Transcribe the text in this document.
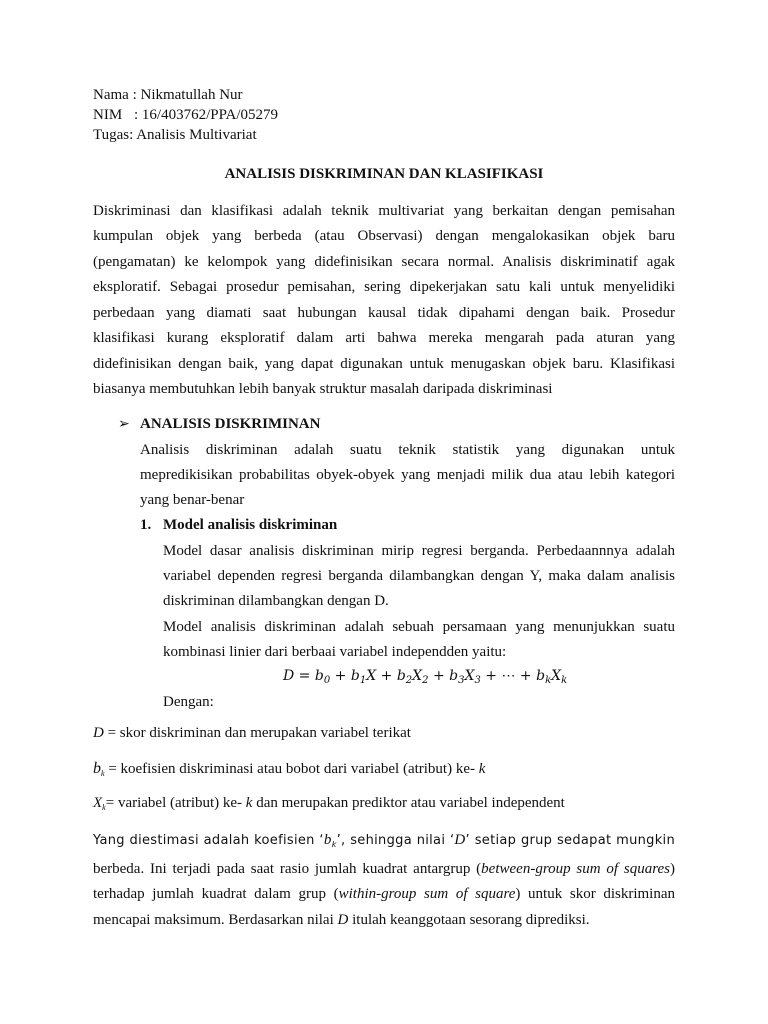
Nama : Nikmatullah Nur
NIM : 16/403762/PPA/05279
Tugas: Analisis Multivariat
ANALISIS DISKRIMINAN DAN KLASIFIKASI
Diskriminasi dan klasifikasi adalah teknik multivariat yang berkaitan dengan pemisahan
kumpulan objek yang berbeda (atau Observasi) dengan mengalokasikan objek baru
(pengamatan) ke kelompok yang didefinisikan secara normal. Analisis diskriminatif agak
eksploratif. Sebagai prosedur pemisahan, sering dipekerjakan satu kali untuk menyelidiki
perbedaan yang diamati saat hubungan kausal tidak dipahami dengan baik. Prosedur
klasifikasi kurang eksploratif dalam arti bahwa mereka mengarah pada aturan yang
didefinisikan dengan baik, yang dapat digunakan untuk menugaskan objek baru. Klasifikasi
biasanya membutuhkan lebih banyak struktur masalah daripada diskriminasi
➢ ANALISIS DISKRIMINAN
Analisis diskriminan adalah suatu teknik statistik yang digunakan untuk
mepredikisikan probabilitas obyek-obyek yang menjadi milik dua atau lebih kategori
yang benar-benar
1. Model analisis diskriminan
Model dasar analisis diskriminan mirip regresi berganda. Perbedaannnya adalah
variabel dependen regresi berganda dilambangkan dengan Y, maka dalam analisis
diskriminan dilambangkan dengan D.
Model analisis diskriminan adalah sebuah persamaan yang menunjukkan suatu
kombinasi linier dari berbaai variabel independden yaitu:
$D = b_0 + b_1X + b_2X_2 + b_3X_3$ + ⋯ + $b_kX_k$
Dengan:
D = skor diskriminan dan merupakan variabel terikat
$b_k$ = koefisien diskriminasi atau bobot dari variabel (atribut) ke- k
$X_k=$ variabel (atribut) ke- k dan merupakan prediktor atau variabel independent
Yang diestimasi adalah koefisien ‘$b_k$’, sehingga nilai ‘D’ setiap grup sedapat mungkin
berbeda. Ini terjadi pada saat rasio jumlah kuadrat antargrup (between-group sum of squares)
terhadap jumlah kuadrat dalam grup (within-group sum of square) untuk skor diskriminan
mencapai maksimum. Berdasarkan nilai D itulah keanggotaan sesorang diprediksi.
